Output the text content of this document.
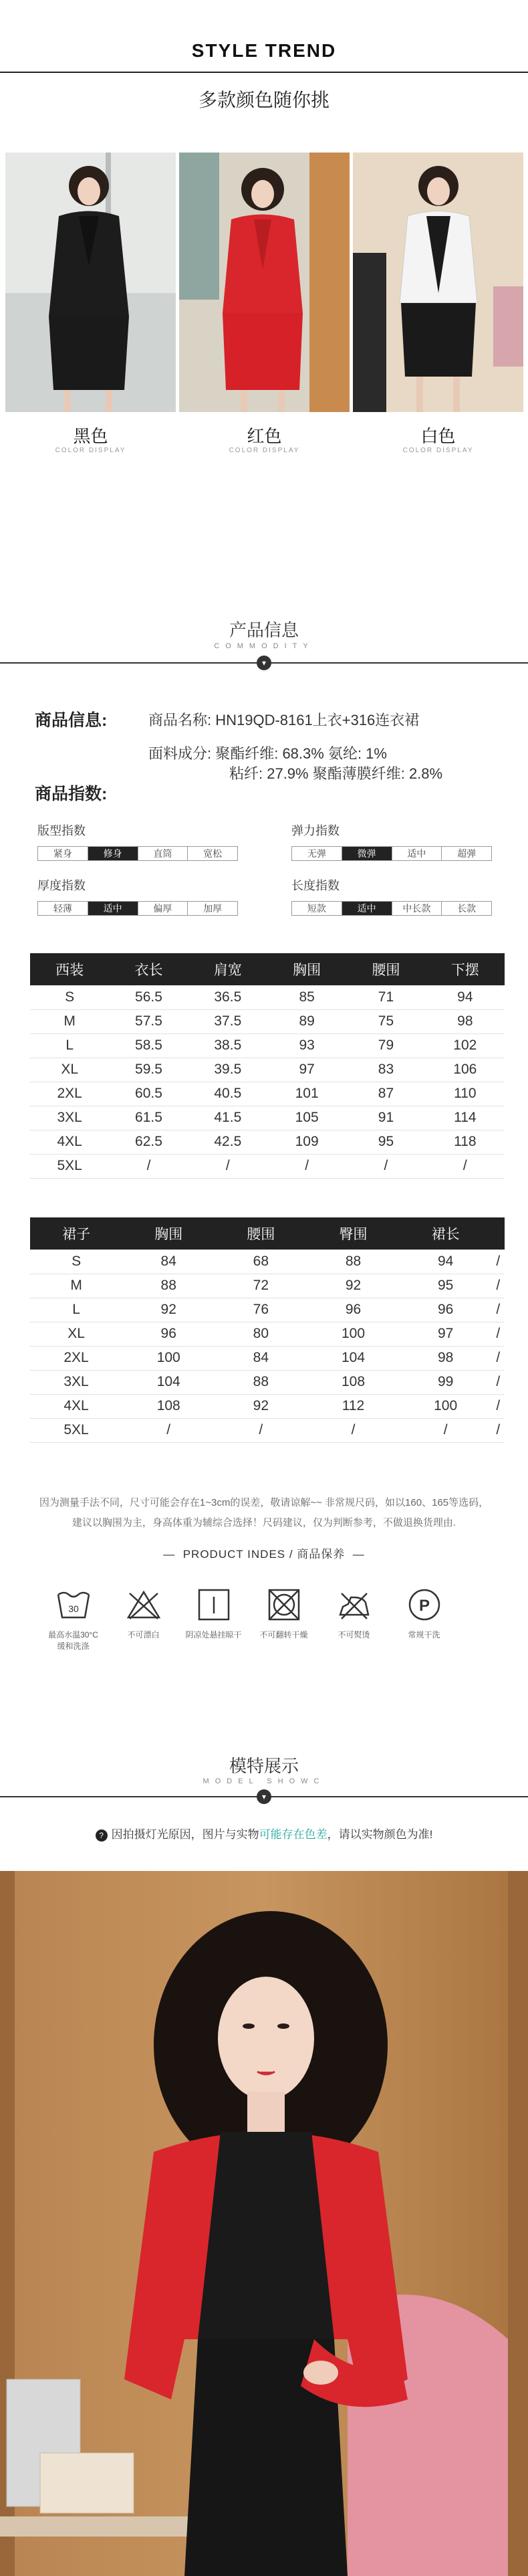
STYLE TREND
多款颜色随你挑
黑色	红色	白色
COLOR DISPLAY	COLOR DISPLAY	COLOR DISPLAY
产品信息
COMMODITY
▾
商品信息:	商品名称: HN19QD-8161上衣+316连衣裙
面料成分: 聚酯纤维: 68.3% 氨纶: 1%
粘纤: 27.9% 聚酯薄膜纤维: 2.8%
商品指数:
版型指数
紧身	修身	直筒	宽松
弹力指数
无弹	微弹	适中	超弹
厚度指数
轻薄	适中	偏厚	加厚
长度指数
短款	适中	中长款	长款
西装	衣长	肩宽	胸围	腰围	下摆
S	56.5	36.5	85	71	94
M	57.5	37.5	89	75	98
L	58.5	38.5	93	79	102
XL	59.5	39.5	97	83	106
2XL	60.5	40.5	101	87	110
3XL	61.5	41.5	105	91	114
4XL	62.5	42.5	109	95	118
5XL	/	/	/	/	/
裙子	胸围	腰围	臀围	裙长	
S	84	68	88	94	/
M	88	72	92	95	/
L	92	76	96	96	/
XL	96	80	100	97	/
2XL	100	84	104	98	/
3XL	104	88	108	99	/
4XL	108	92	112	100	/
5XL	/	/	/	/	/
因为测量手法不同，尺寸可能会存在1~3cm的误差，敬请谅解~~ 非常规尺码，如以160、165等选码，
建议以胸围为主，身高体重为辅综合选择！尺码建议，仅为判断参考，不做退换货理由.
—  PRODUCT INDES / 商品保养  —
30
最高水温30°C
缓和洗涤
不可漂白	阴凉处悬挂晾干	不可翻转干燥	不可熨烫
P
常规干洗
模特展示
MODEL SHOWC
▾
? 因拍摄灯光原因，图片与实物可能存在色差，请以实物颜色为准!
